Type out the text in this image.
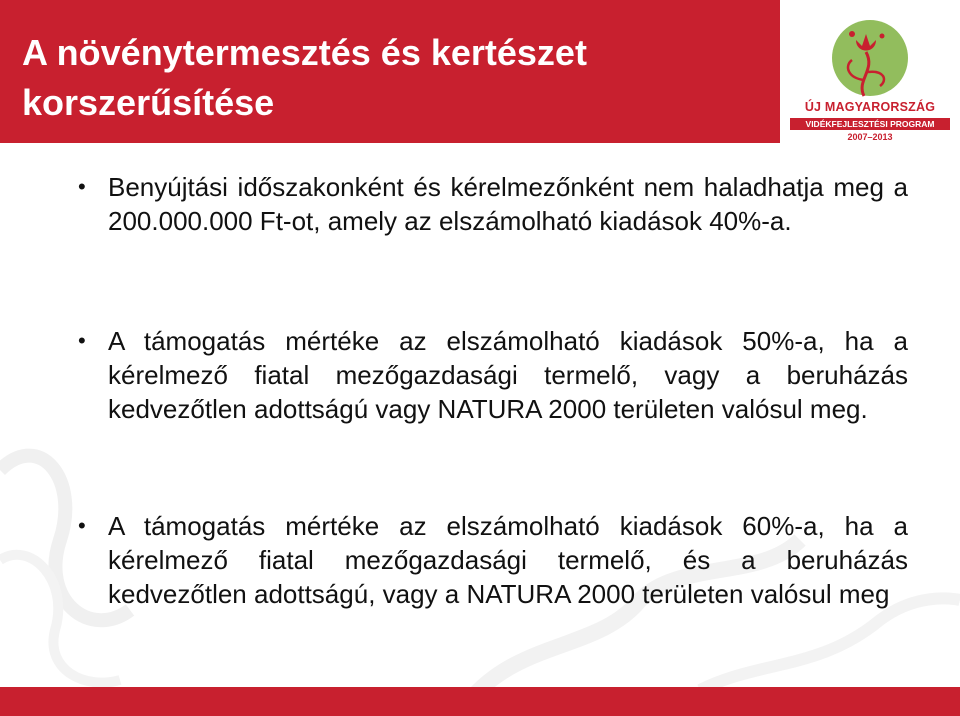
A növénytermesztés és kertészet korszerűsítése	ÚJ MAGYARORSZÁG
VIDÉKFEJLESZTÉSI PROGRAM
2007–2013
• Benyújtási időszakonként és kérelmezőnként nem haladhatja meg a 200.000.000 Ft-ot, amely az elszámolható kiadások 40%-a.
• A támogatás mértéke az elszámolható kiadások 50%-a, ha a kérelmező fiatal mezőgazdasági termelő, vagy a beruházás kedvezőtlen adottságú vagy NATURA 2000 területen valósul meg.
• A támogatás mértéke az elszámolható kiadások 60%-a, ha a kérelmező fiatal mezőgazdasági termelő, és a beruházás kedvezőtlen adottságú, vagy a NATURA 2000 területen valósul meg
